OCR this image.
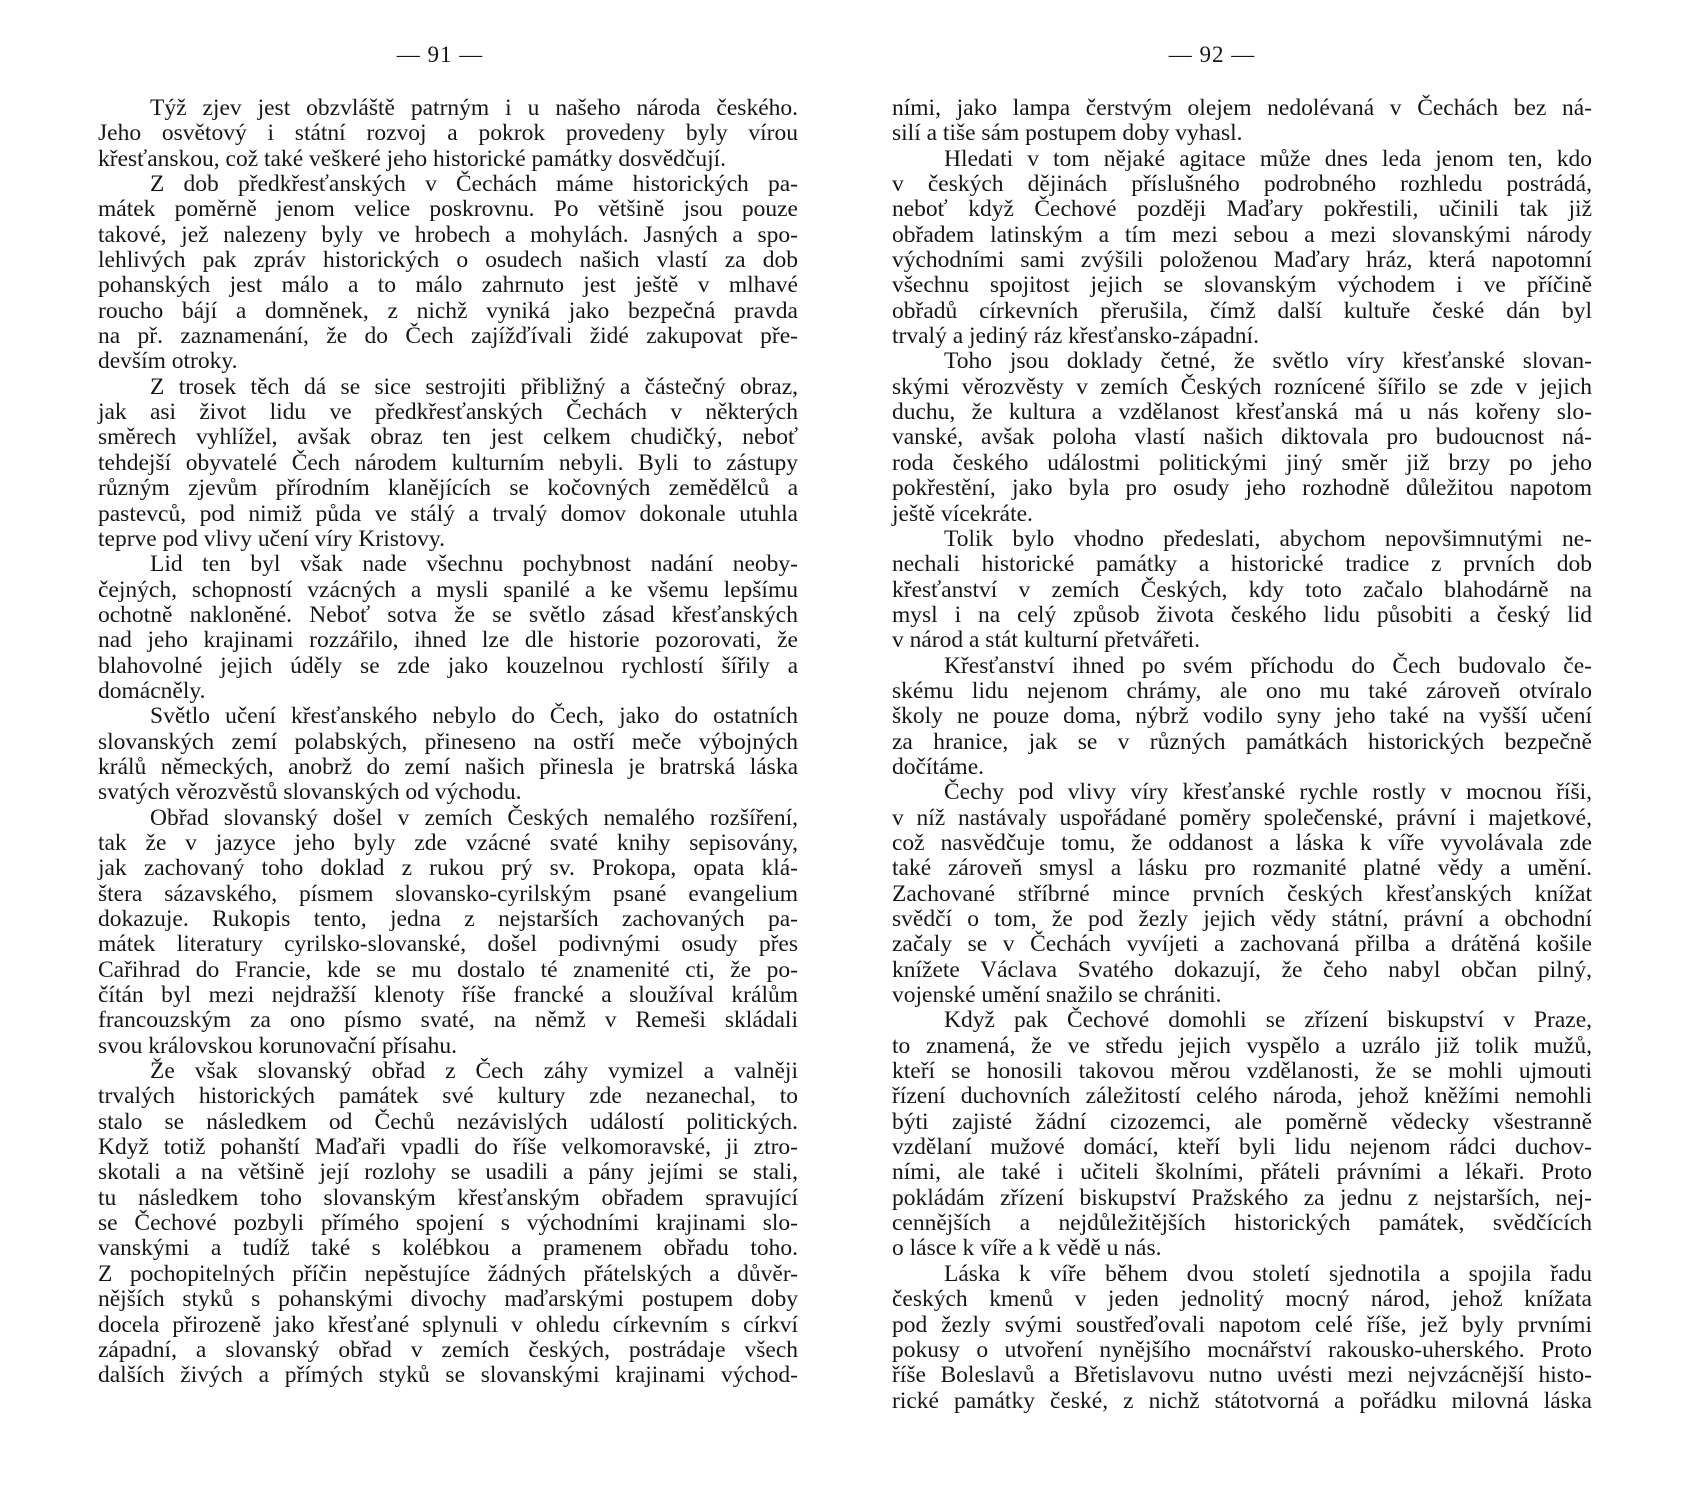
— 91 —
Týž zjev jest obzvláště patrným i u našeho národa českého.
Jeho osvětový i státní rozvoj a pokrok provedeny byly vírou
křesťanskou, což také veškeré jeho historické památky dosvědčují.
Z dob předkřesťanských v Čechách máme historických pa-
mátek poměrně jenom velice poskrovnu. Po většině jsou pouze
takové, jež nalezeny byly ve hrobech a mohylách. Jasných a spo-
lehlivých pak zpráv historických o osudech našich vlastí za dob
pohanských jest málo a to málo zahrnuto jest ještě v mlhavé
roucho bájí a domněnek, z nichž vyniká jako bezpečná pravda
na př. zaznamenání, že do Čech zajížďívali židé zakupovat pře-
devším otroky.
Z trosek těch dá se sice sestrojiti přibližný a částečný obraz,
jak asi život lidu ve předkřesťanských Čechách v některých
směrech vyhlížel, avšak obraz ten jest celkem chudičký, neboť
tehdejší obyvatelé Čech národem kulturním nebyli. Byli to zástupy
různým zjevům přírodním klanějících se kočovných zemědělců a
pastevců, pod nimiž půda ve stálý a trvalý domov dokonale utuhla
teprve pod vlivy učení víry Kristovy.
Lid ten byl však nade všechnu pochybnost nadání neoby-
čejných, schopností vzácných a mysli spanilé a ke všemu lepšímu
ochotně nakloněné. Neboť sotva že se světlo zásad křesťanských
nad jeho krajinami rozzářilo, ihned lze dle historie pozorovati, že
blahovolné jejich úděly se zde jako kouzelnou rychlostí šířily a
domácněly.
Světlo učení křesťanského nebylo do Čech, jako do ostatních
slovanských zemí polabských, přineseno na ostří meče výbojných
králů německých, anobrž do zemí našich přinesla je bratrská láska
svatých věrozvěstů slovanských od východu.
Obřad slovanský došel v zemích Českých nemalého rozšíření,
tak že v jazyce jeho byly zde vzácné svaté knihy sepisovány,
jak zachovaný toho doklad z rukou prý sv. Prokopa, opata klá-
štera sázavského, písmem slovansko-cyrilským psané evangelium
dokazuje. Rukopis tento, jedna z nejstarších zachovaných pa-
mátek literatury cyrilsko-slovanské, došel podivnými osudy přes
Cařihrad do Francie, kde se mu dostalo té znamenité cti, že po-
čítán byl mezi nejdražší klenoty říše francké a sloužíval králům
francouzským za ono písmo svaté, na němž v Remeši skládali
svou královskou korunovační přísahu.
Že však slovanský obřad z Čech záhy vymizel a valněji
trvalých historických památek své kultury zde nezanechal, to
stalo se následkem od Čechů nezávislých událostí politických.
Když totiž pohanští Maďaři vpadli do říše velkomoravské, ji ztro-
skotali a na většině její rozlohy se usadili a pány jejími se stali,
tu následkem toho slovanským křesťanským obřadem spravující
se Čechové pozbyli přímého spojení s východními krajinami slo-
vanskými a tudíž také s kolébkou a pramenem obřadu toho.
Z pochopitelných příčin nepěstujíce žádných přátelských a důvěr-
nějších styků s pohanskými divochy maďarskými postupem doby
docela přirozeně jako křesťané splynuli v ohledu církevním s církví
západní, a slovanský obřad v zemích českých, postrádaje všech
dalších živých a přímých styků se slovanskými krajinami východ-
— 92 —
ními, jako lampa čerstvým olejem nedolévaná v Čechách bez ná-
silí a tiše sám postupem doby vyhasl.
Hledati v tom nějaké agitace může dnes leda jenom ten, kdo
v českých dějinách příslušného podrobného rozhledu postrádá,
neboť když Čechové později Maďary pokřestili, učinili tak již
obřadem latinským a tím mezi sebou a mezi slovanskými národy
východními sami zvýšili položenou Maďary hráz, která napotomní
všechnu spojitost jejich se slovanským východem i ve příčině
obřadů církevních přerušila, čímž další kultuře české dán byl
trvalý a jediný ráz křesťansko-západní.
Toho jsou doklady četné, že světlo víry křesťanské slovan-
skými věrozvěsty v zemích Českých roznícené šířilo se zde v jejich
duchu, že kultura a vzdělanost křesťanská má u nás kořeny slo-
vanské, avšak poloha vlastí našich diktovala pro budoucnost ná-
roda českého událostmi politickými jiný směr již brzy po jeho
pokřestění, jako byla pro osudy jeho rozhodně důležitou napotom
ještě vícekráte.
Tolik bylo vhodno předeslati, abychom nepovšimnutými ne-
nechali historické památky a historické tradice z prvních dob
křesťanství v zemích Českých, kdy toto začalo blahodárně na
mysl i na celý způsob života českého lidu působiti a český lid
v národ a stát kulturní přetvářeti.
Křesťanství ihned po svém příchodu do Čech budovalo če-
skému lidu nejenom chrámy, ale ono mu také zároveň otvíralo
školy ne pouze doma, nýbrž vodilo syny jeho také na vyšší učení
za hranice, jak se v různých památkách historických bezpečně
dočítáme.
Čechy pod vlivy víry křesťanské rychle rostly v mocnou říši,
v níž nastávaly uspořádané poměry společenské, právní i majetkové,
což nasvědčuje tomu, že oddanost a láska k víře vyvolávala zde
také zároveň smysl a lásku pro rozmanité platné vědy a umění.
Zachované stříbrné mince prvních českých křesťanských knížat
svědčí o tom, že pod žezly jejich vědy státní, právní a obchodní
začaly se v Čechách vyvíjeti a zachovaná přilba a drátěná košile
knížete Václava Svatého dokazují, že čeho nabyl občan pilný,
vojenské umění snažilo se chrániti.
Když pak Čechové domohli se zřízení biskupství v Praze,
to znamená, že ve středu jejich vyspělo a uzrálo již tolik mužů,
kteří se honosili takovou měrou vzdělanosti, že se mohli ujmouti
řízení duchovních záležitostí celého národa, jehož kněžími nemohli
býti zajisté žádní cizozemci, ale poměrně vědecky všestranně
vzdělaní mužové domácí, kteří byli lidu nejenom rádci duchov-
ními, ale také i učiteli školními, přáteli právními a lékaři. Proto
pokládám zřízení biskupství Pražského za jednu z nejstarších, nej-
cennějších a nejdůležitějších historických památek, svědčících
o lásce k víře a k vědě u nás.
Láska k víře během dvou století sjednotila a spojila řadu
českých kmenů v jeden jednolitý mocný národ, jehož knížata
pod žezly svými soustřeďovali napotom celé říše, jež byly prvními
pokusy o utvoření nynějšího mocnářství rakousko-uherského. Proto
říše Boleslavů a Břetislavovu nutno uvésti mezi nejvzácnější histo-
rické památky české, z nichž státotvorná a pořádku milovná láska
